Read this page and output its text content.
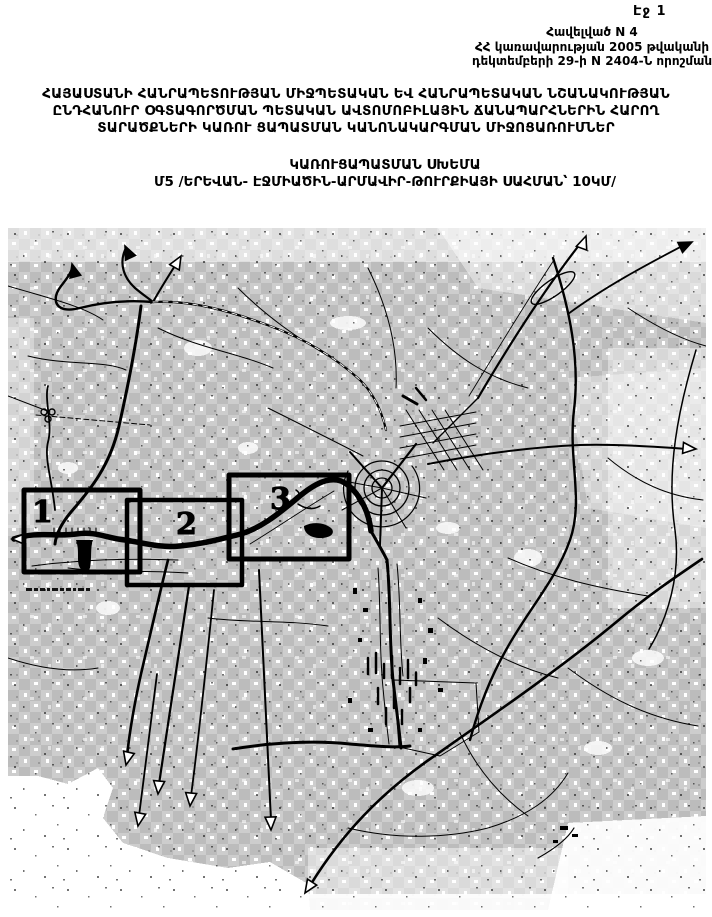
Էջ 1
Հավելված N 4
ՀՀ կառավարության 2005 թվականի
դեկտեմբերի 29-ի N 2404-Ն որոշման
ՀԱՅԱՍՏԱՆԻ ՀԱՆՐԱՊԵՏՈՒԹՅԱՆ ՄԻՋՊԵՏԱԿԱՆ ԵՎ ՀԱՆՐԱՊԵՏԱԿԱՆ ՆՇԱՆԱԿՈՒԹՅԱՆ
ԸՆԴՀԱՆՈՒՐ ՕԳՏԱԳՈՐԾՄԱՆ ՊԵՏԱԿԱՆ ԱՎՏՈՄՈԲԻԼԱՅԻՆ ՃԱՆԱՊԱՐՀՆԵՐԻՆ ՀԱՐՈՂ
ՏԱՐԱԾՔՆԵՐԻ ԿԱՌՈՒ ՑԱՊԱՏՄԱՆ ԿԱՆՈՆԱԿԱՐԳՄԱՆ ՄԻՋՈՑԱՌՈՒՄՆԵՐ
ԿԱՌՈՒՑԱՊԱՏՄԱՆ ՍԽԵՄԱ
Մ5 /ԵՐԵՎԱՆ- ԷՋՄԻԱԾԻՆ-ԱՐՄԱՎԻՐ-ԹՈՒՐՔԻԱՅԻ ՍԱՀՄԱՆ՝ 10ԿՄ/
1	2
3
